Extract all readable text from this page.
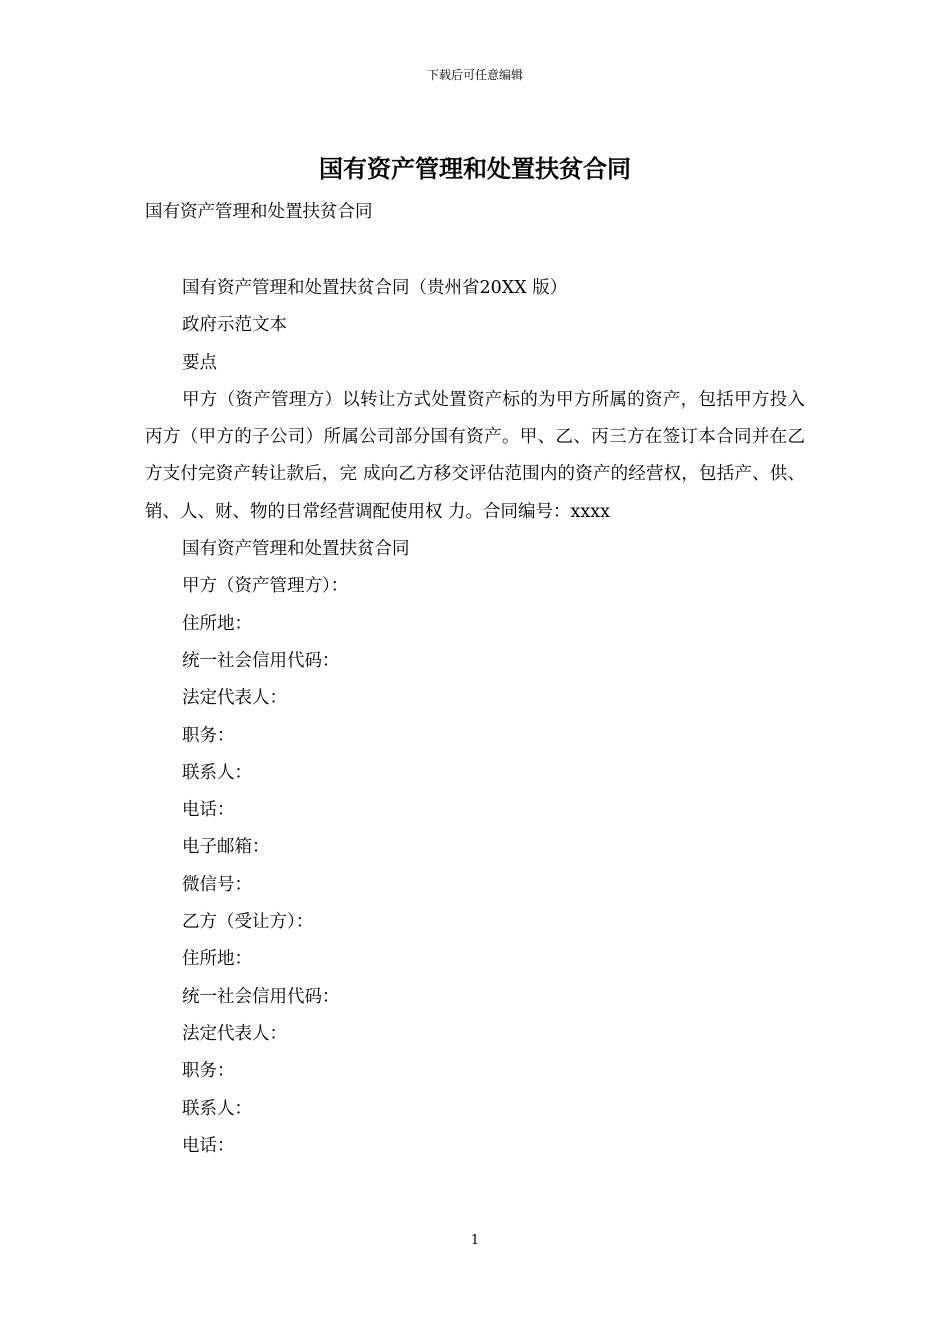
下载后可任意编辑
国有资产管理和处置扶贫合同
国有资产管理和处置扶贫合同

国有资产管理和处置扶贫合同（贵州省20XX 版）

政府示范文本

要点

甲方（资产管理方）以转让方式处置资产标的为甲方所属的资产，包括甲方投入丙方（甲方的子公司）所属公司部分国有资产。甲、乙、丙三方在签订本合同并在乙方支付完资产转让款后，完 成向乙方移交评估范围内的资产的经营权，包括产、供、销、人、财、物的日常经营调配使用权 力。合同编号：xxxx

国有资产管理和处置扶贫合同

甲方（资产管理方）：

住所地：

统一社会信用代码：

法定代表人：

职务：

联系人：

电话：

电子邮箱：

微信号：

乙方（受让方）：

住所地：

统一社会信用代码：

法定代表人：

职务：

联系人：

电话：

1
